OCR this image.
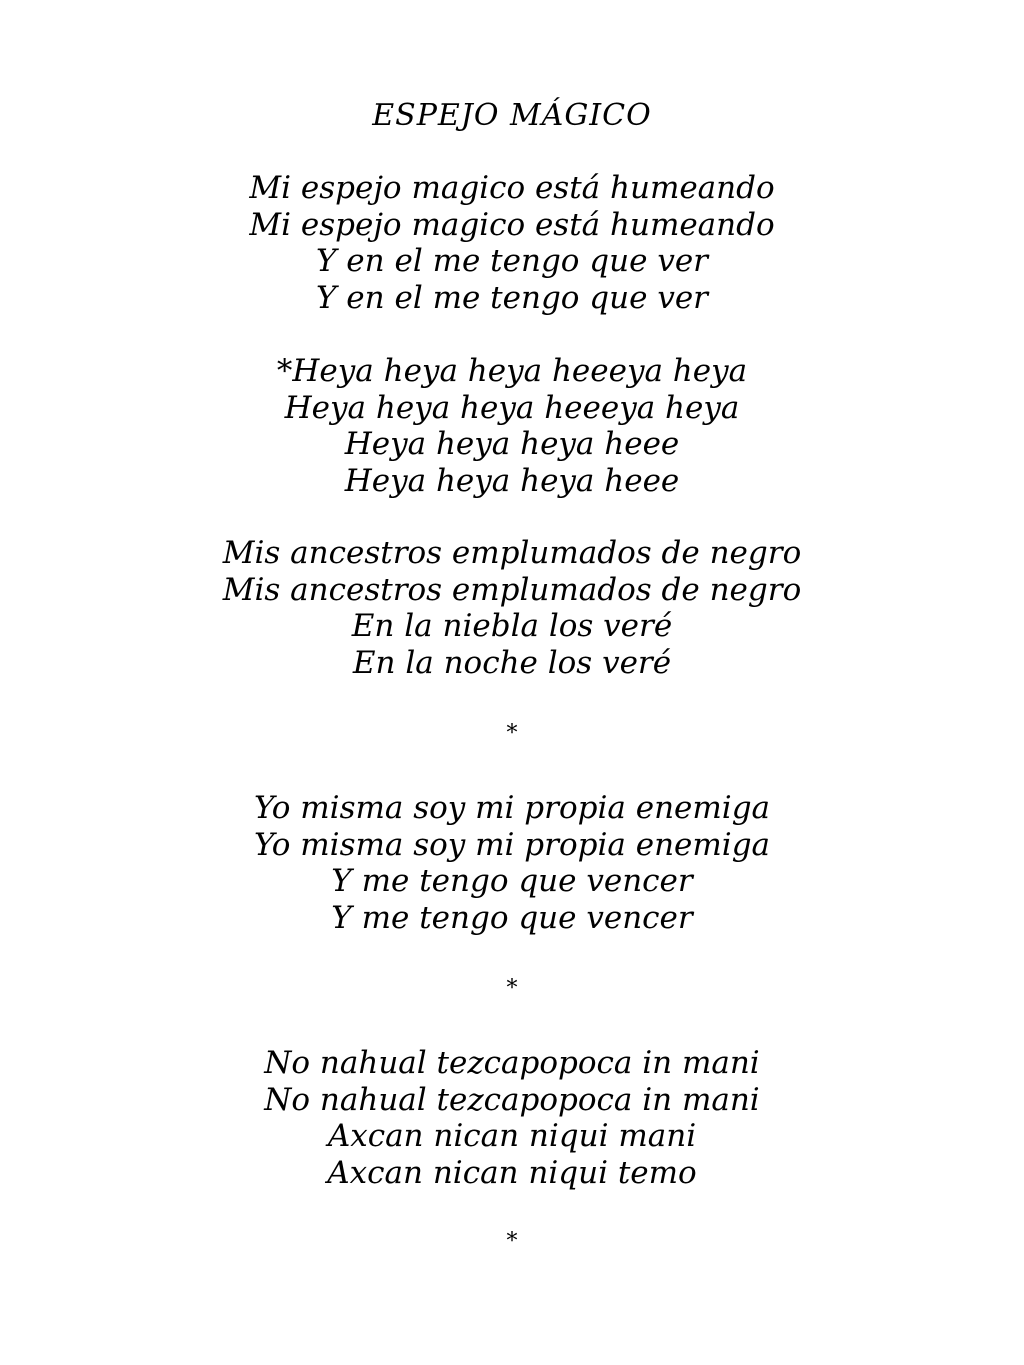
ESPEJO MÁGICO
Mi espejo magico está humeando
Mi espejo magico está humeando
Y en el me tengo que ver
Y en el me tengo que ver
*Heya heya heya heeeya heya
Heya heya heya heeeya heya
Heya heya heya heee
Heya heya heya heee
Mis ancestros emplumados de negro
Mis ancestros emplumados de negro
En la niebla los veré
En la noche los veré
*
Yo misma soy mi propia enemiga
Yo misma soy mi propia enemiga
Y me tengo que vencer
Y me tengo que vencer
*
No nahual tezcapopoca in mani
No nahual tezcapopoca in mani
Axcan nican niqui mani
Axcan nican niqui temo
*
